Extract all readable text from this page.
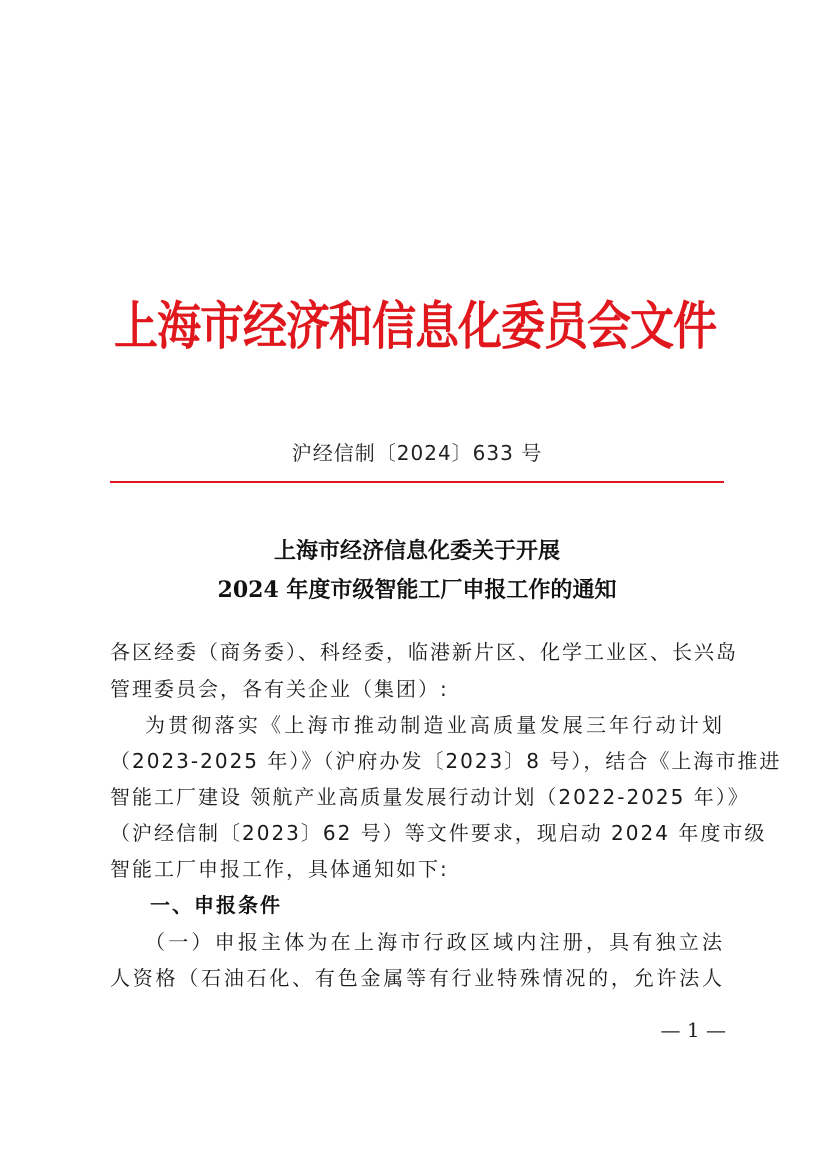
上海市经济和信息化委员会文件
沪经信制〔2024〕633 号
上海市经济信息化委关于开展
2024 年度市级智能工厂申报工作的通知
各区经委（商务委）、科经委，临港新片区、化学工业区、长兴岛
管理委员会，各有关企业（集团）:
为贯彻落实《上海市推动制造业高质量发展三年行动计划
（2023-2025 年）》（沪府办发〔2023〕8 号），结合《上海市推进
智能工厂建设 领航产业高质量发展行动计划（2022-2025 年）》
（沪经信制〔2023〕62 号）等文件要求，现启动 2024 年度市级
智能工厂申报工作，具体通知如下:
一、申报条件
（一）申报主体为在上海市行政区域内注册，具有独立法
人资格（石油石化、有色金属等有行业特殊情况的，允许法人
— 1 —
